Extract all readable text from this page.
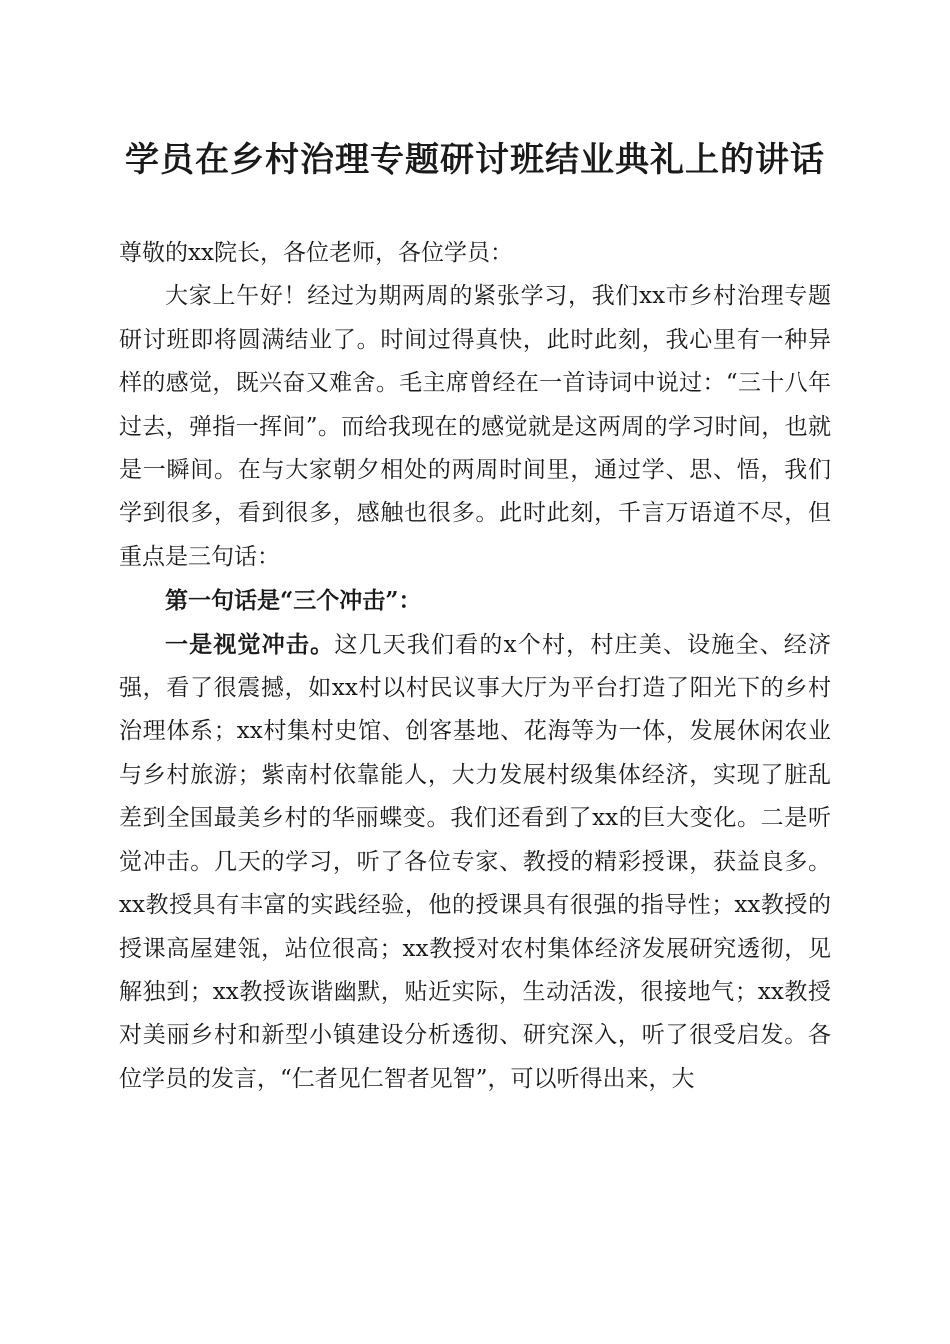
学员在乡村治理专题研讨班结业典礼上的讲话

尊敬的xx院长，各位老师，各位学员：

大家上午好！经过为期两周的紧张学习，我们xx市乡村治理专题研讨班即将圆满结业了。时间过得真快，此时此刻，我心里有一种异样的感觉，既兴奋又难舍。毛主席曾经在一首诗词中说过：“三十八年过去，弹指一挥间”。而给我现在的感觉就是这两周的学习时间，也就是一瞬间。在与大家朝夕相处的两周时间里，通过学、思、悟，我们学到很多，看到很多，感触也很多。此时此刻，千言万语道不尽，但重点是三句话：

第一句话是“三个冲击”：

一是视觉冲击。这几天我们看的x个村，村庄美、设施全、经济强，看了很震撼，如xx村以村民议事大厅为平台打造了阳光下的乡村治理体系；xx村集村史馆、创客基地、花海等为一体，发展休闲农业与乡村旅游；紫南村依靠能人，大力发展村级集体经济，实现了脏乱差到全国最美乡村的华丽蝶变。我们还看到了xx的巨大变化。二是听觉冲击。几天的学习，听了各位专家、教授的精彩授课，获益良多。xx教授具有丰富的实践经验，他的授课具有很强的指导性；xx教授的授课高屋建瓴，站位很高；xx教授对农村集体经济发展研究透彻，见解独到；xx教授诙谐幽默，贴近实际，生动活泼，很接地气；xx教授对美丽乡村和新型小镇建设分析透彻、研究深入，听了很受启发。各位学员的发言，“仁者见仁智者见智”，可以听得出来，大
